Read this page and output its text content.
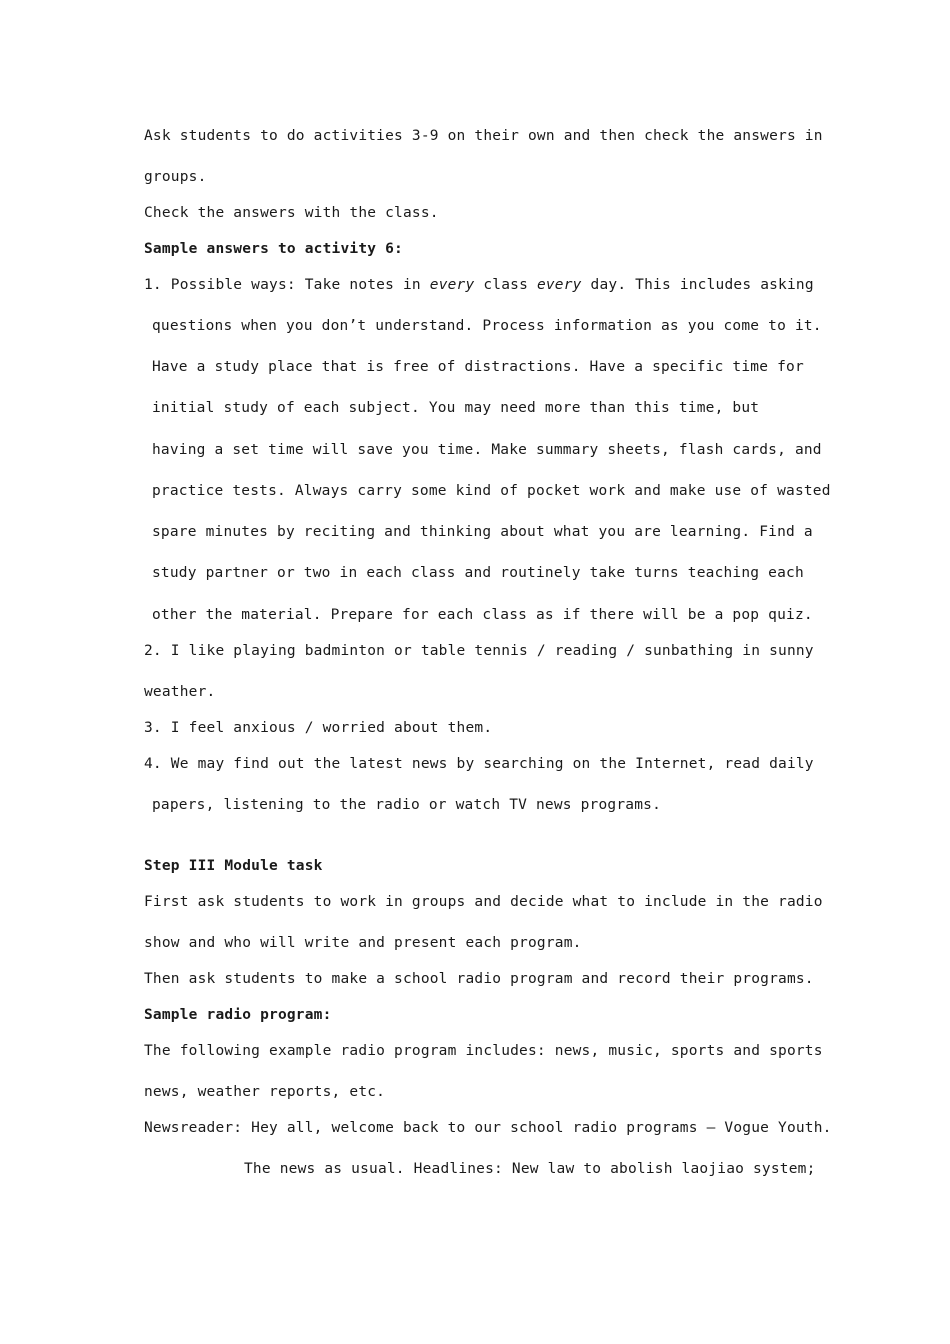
Ask students to do activities 3-9 on their own and then check the answers in
groups.
Check the answers with the class.
Sample answers to activity 6:
1. Possible ways: Take notes in every class every day. This includes asking
questions when you don’t understand. Process information as you come to it.
Have a study place that is free of distractions. Have a specific time for
initial study of each subject. You may need more than this time, but
having a set time will save you time. Make summary sheets, flash cards, and
practice tests. Always carry some kind of pocket work and make use of wasted
spare minutes by reciting and thinking about what you are learning. Find a
study partner or two in each class and routinely take turns teaching each
other the material. Prepare for each class as if there will be a pop quiz.
2. I like playing badminton or table tennis / reading / sunbathing in sunny
weather.
3. I feel anxious / worried about them.
4. We may find out the latest news by searching on the Internet, read daily
papers, listening to the radio or watch TV news programs.
Step III Module task
First ask students to work in groups and decide what to include in the radio
show and who will write and present each program.
Then ask students to make a school radio program and record their programs.
Sample radio program:
The following example radio program includes: news, music, sports and sports
news, weather reports, etc.
Newsreader: Hey all, welcome back to our school radio programs – Vogue Youth.
The news as usual. Headlines: New law to abolish laojiao system;
